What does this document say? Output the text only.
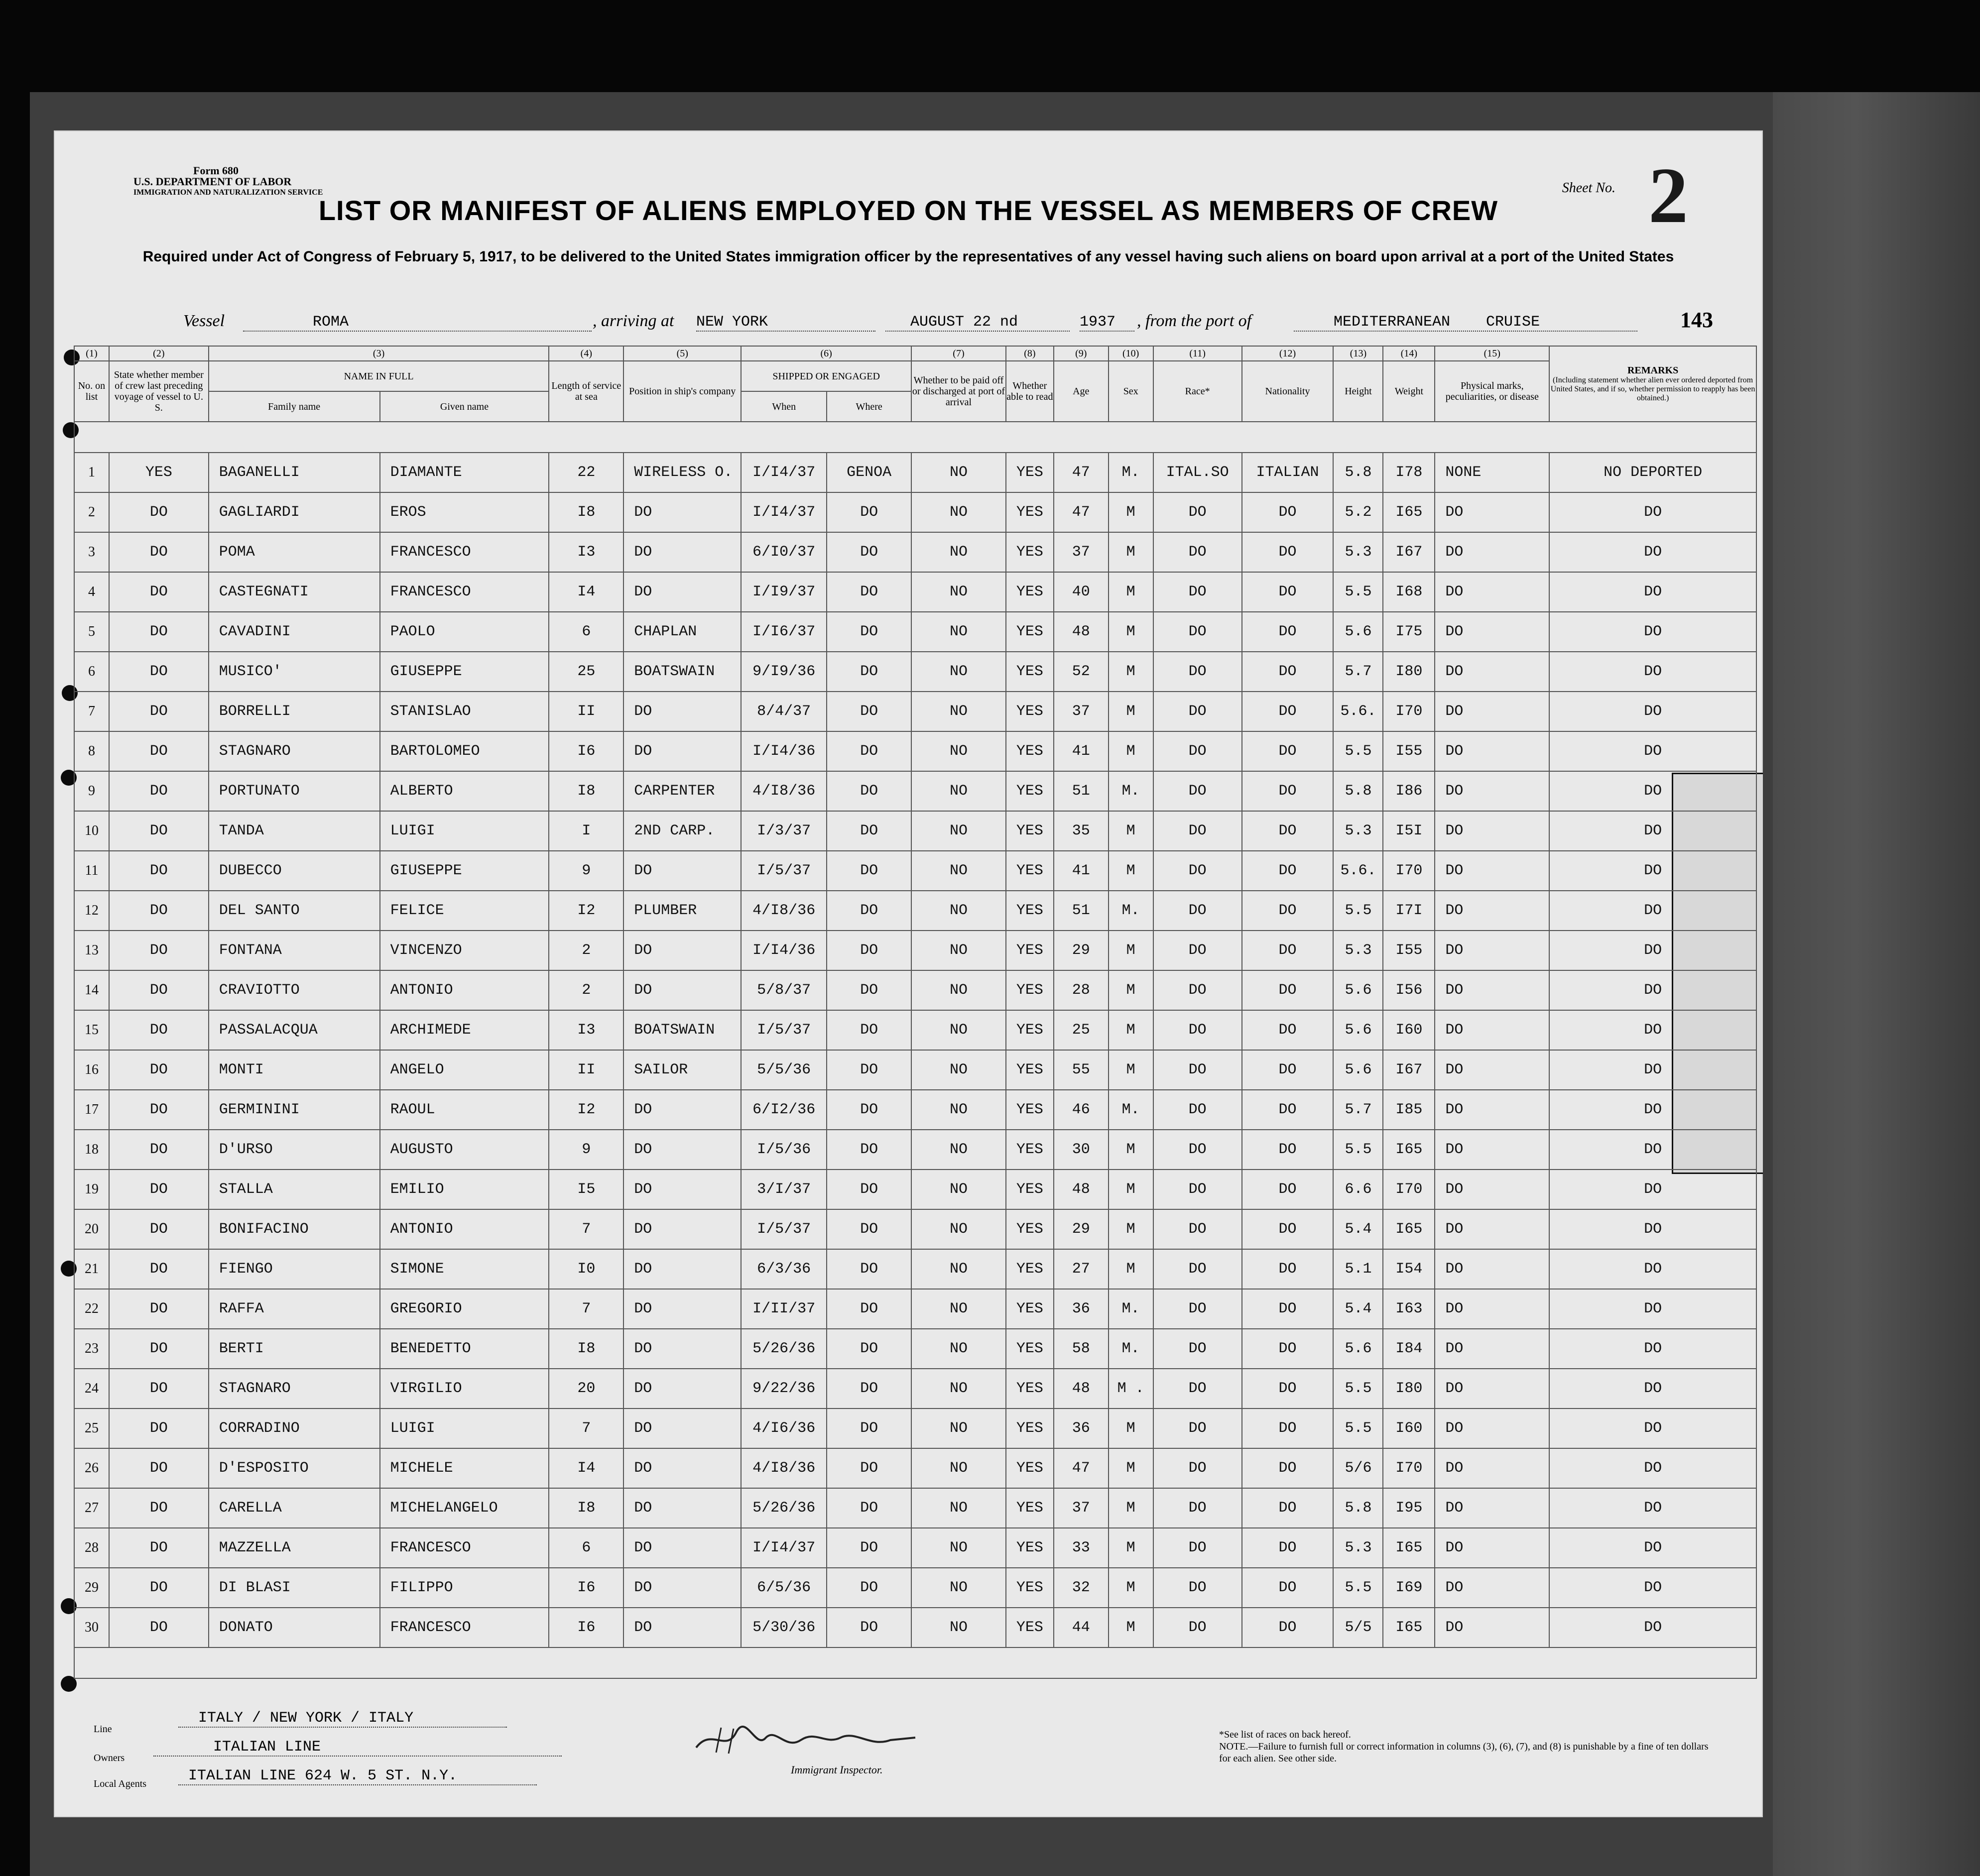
Form 680
U.S. DEPARTMENT OF LABOR
IMMIGRATION AND NATURALIZATION SERVICE	Sheet No. 2
LIST OR MANIFEST OF ALIENS EMPLOYED ON THE VESSEL AS MEMBERS OF CREW
Required under Act of Congress of February 5, 1917, to be delivered to the United States immigration officer by the representatives of any vessel having such aliens on board upon arrival at a port of the United States
Vessel	ROMA	, arriving at NEW YORK	AUGUST 22 nd	1937	, from the port of	MEDITERRANEAN    CRUISE	143
(1)	(2)	(3)		(4)	(5)	(6)		(7)	(8)	(9)	(10)	(11)	(12)	(13)	(14)	(15)	REMARKS
(Including statement whether alien ever ordered deported from United States, and if so, whether permission to reapply has been obtained.)

No. on list	State whether member of crew last preceding voyage of vessel to U. S.	NAME IN FULL		Length of service at sea	Position in ship's company	SHIPPED OR ENGAGED		Whether to be paid off or discharged at port of arrival	Whether able to read	Age	Sex	Race*	Nationality	Height	Weight	Physical marks, peculiarities, or disease	
		Family name	Given name			When	Where										

1	YES	BAGANELLI	DIAMANTE	22	WIRELESS O.	I/I4/37	GENOA	NO	YES	47	M.	ITAL.SO	ITALIAN	5.8	I78	NONE	NO DEPORTED
2	DO	GAGLIARDI	EROS	I8	DO	I/I4/37	DO	NO	YES	47	M	DO	DO	5.2	I65	DO	DO
3	DO	POMA	FRANCESCO	I3	DO	6/I0/37	DO	NO	YES	37	M	DO	DO	5.3	I67	DO	DO
4	DO	CASTEGNATI	FRANCESCO	I4	DO	I/I9/37	DO	NO	YES	40	M	DO	DO	5.5	I68	DO	DO
5	DO	CAVADINI	PAOLO	6	CHAPLAN	I/I6/37	DO	NO	YES	48	M	DO	DO	5.6	I75	DO	DO
6	DO	MUSICO'	GIUSEPPE	25	BOATSWAIN	9/I9/36	DO	NO	YES	52	M	DO	DO	5.7	I80	DO	DO
7	DO	BORRELLI	STANISLAO	II	DO	8/4/37	DO	NO	YES	37	M	DO	DO	5.6.	I70	DO	DO
8	DO	STAGNARO	BARTOLOMEO	I6	DO	I/I4/36	DO	NO	YES	41	M	DO	DO	5.5	I55	DO	DO
9	DO	PORTUNATO	ALBERTO	I8	CARPENTER	4/I8/36	DO	NO	YES	51	M.	DO	DO	5.8	I86	DO	DO
10	DO	TANDA	LUIGI	I	2ND CARP.	I/3/37	DO	NO	YES	35	M	DO	DO	5.3	I5I	DO	DO
11	DO	DUBECCO	GIUSEPPE	9	DO	I/5/37	DO	NO	YES	41	M	DO	DO	5.6.	I70	DO	DO
12	DO	DEL SANTO	FELICE	I2	PLUMBER	4/I8/36	DO	NO	YES	51	M.	DO	DO	5.5	I7I	DO	DO
13	DO	FONTANA	VINCENZO	2	DO	I/I4/36	DO	NO	YES	29	M	DO	DO	5.3	I55	DO	DO
14	DO	CRAVIOTTO	ANTONIO	2	DO	5/8/37	DO	NO	YES	28	M	DO	DO	5.6	I56	DO	DO
15	DO	PASSALACQUA	ARCHIMEDE	I3	BOATSWAIN	I/5/37	DO	NO	YES	25	M	DO	DO	5.6	I60	DO	DO
16	DO	MONTI	ANGELO	II	SAILOR	5/5/36	DO	NO	YES	55	M	DO	DO	5.6	I67	DO	DO
17	DO	GERMININI	RAOUL	I2	DO	6/I2/36	DO	NO	YES	46	M.	DO	DO	5.7	I85	DO	DO
18	DO	D'URSO	AUGUSTO	9	DO	I/5/36	DO	NO	YES	30	M	DO	DO	5.5	I65	DO	DO
19	DO	STALLA	EMILIO	I5	DO	3/I/37	DO	NO	YES	48	M	DO	DO	6.6	I70	DO	DO
20	DO	BONIFACINO	ANTONIO	7	DO	I/5/37	DO	NO	YES	29	M	DO	DO	5.4	I65	DO	DO
21	DO	FIENGO	SIMONE	I0	DO	6/3/36	DO	NO	YES	27	M	DO	DO	5.1	I54	DO	DO
22	DO	RAFFA	GREGORIO	7	DO	I/II/37	DO	NO	YES	36	M.	DO	DO	5.4	I63	DO	DO
23	DO	BERTI	BENEDETTO	I8	DO	5/26/36	DO	NO	YES	58	M.	DO	DO	5.6	I84	DO	DO
24	DO	STAGNARO	VIRGILIO	20	DO	9/22/36	DO	NO	YES	48	M .	DO	DO	5.5	I80	DO	DO
25	DO	CORRADINO	LUIGI	7	DO	4/I6/36	DO	NO	YES	36	M	DO	DO	5.5	I60	DO	DO
26	DO	D'ESPOSITO	MICHELE	I4	DO	4/I8/36	DO	NO	YES	47	M	DO	DO	5/6	I70	DO	DO
27	DO	CARELLA	MICHELANGELO	I8	DO	5/26/36	DO	NO	YES	37	M	DO	DO	5.8	I95	DO	DO
28	DO	MAZZELLA	FRANCESCO	6	DO	I/I4/37	DO	NO	YES	33	M	DO	DO	5.3	I65	DO	DO
29	DO	DI BLASI	FILIPPO	I6	DO	6/5/36	DO	NO	YES	32	M	DO	DO	5.5	I69	DO	DO
30	DO	DONATO	FRANCESCO	I6	DO	5/30/36	DO	NO	YES	44	M	DO	DO	5/5	I65	DO	DO

Line
ITALY / NEW YORK / ITALY
Owners
ITALIAN LINE
Local Agents	ITALIAN LINE 624 W. 5 ST. N.Y.	Immigrant Inspector.
*See list of races on back hereof.
NOTE.—Failure to furnish full or correct information in columns (3), (6), (7), and (8) is punishable by a fine of ten dollars for each alien. See other side.
